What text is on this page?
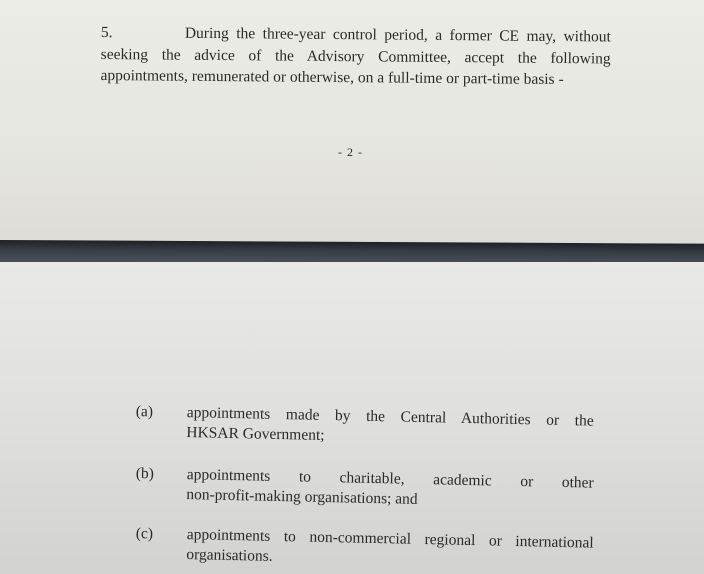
5.	During the three-year control period, a former CE may, without seeking the advice of the Advisory Committee, accept the following appointments, remunerated or otherwise, on a full-time or part-time basis -
- 2 -
(a)	appointments made by the Central Authorities or the
HKSAR Government;
(b)	appointments to charitable, academic or other
non-profit-making organisations; and
(c)	appointments to non-commercial regional or international
organisations.
